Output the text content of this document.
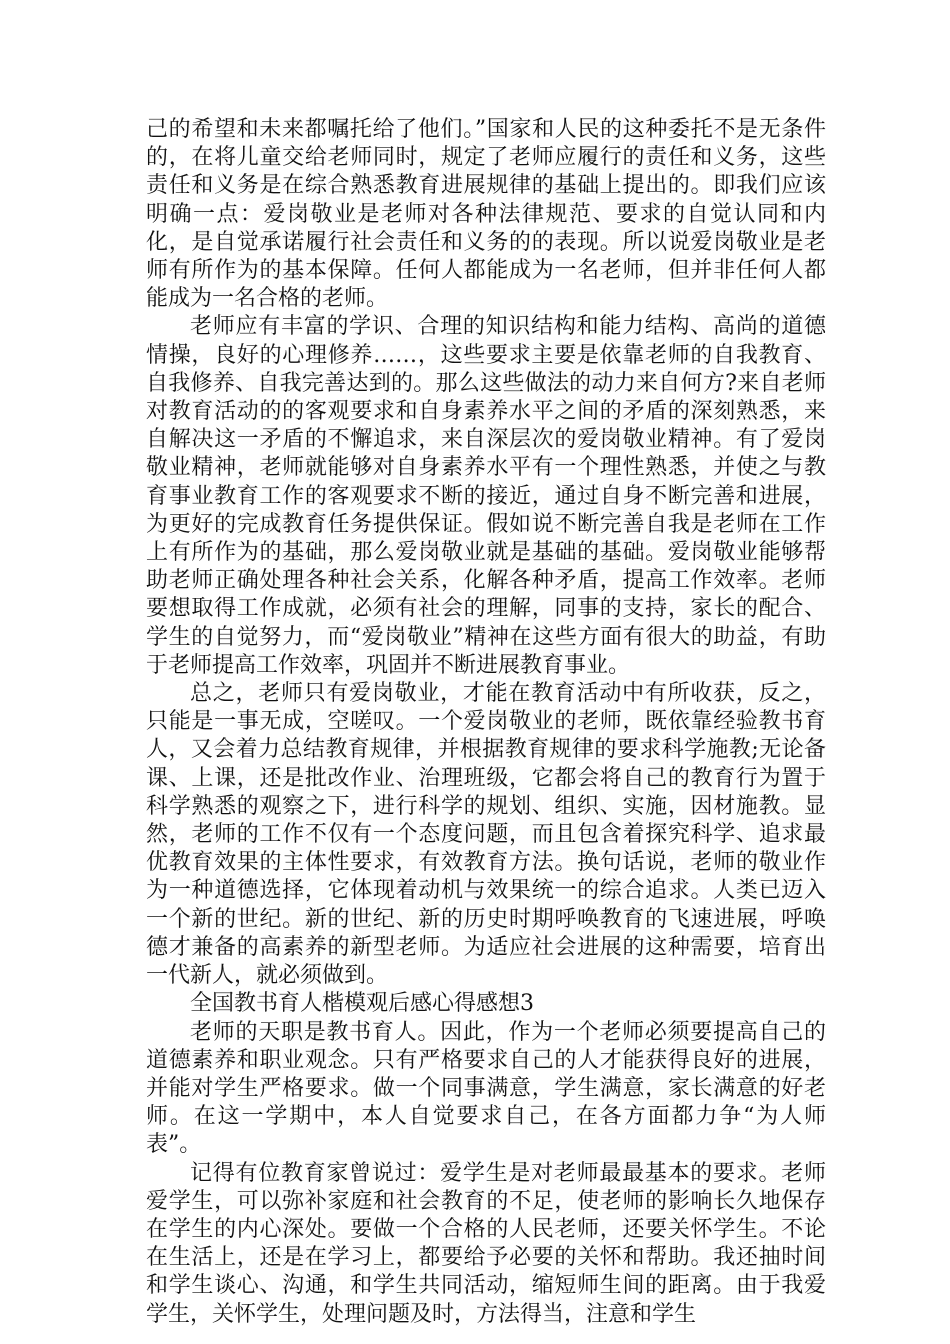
己的希望和未来都嘱托给了他们。”国家和人民的这种委托不是无条件的，在将儿童交给老师同时，规定了老师应履行的责任和义务，这些责任和义务是在综合熟悉教育进展规律的基础上提出的。即我们应该明确一点：爱岗敬业是老师对各种法律规范、要求的自觉认同和内化，是自觉承诺履行社会责任和义务的的表现。所以说爱岗敬业是老师有所作为的基本保障。任何人都能成为一名老师，但并非任何人都能成为一名合格的老师。

老师应有丰富的学识、合理的知识结构和能力结构、高尚的道德情操，良好的心理修养……，这些要求主要是依靠老师的自我教育、自我修养、自我完善达到的。那么这些做法的动力来自何方?来自老师对教育活动的的客观要求和自身素养水平之间的矛盾的深刻熟悉，来自解决这一矛盾的不懈追求，来自深层次的爱岗敬业精神。有了爱岗敬业精神，老师就能够对自身素养水平有一个理性熟悉，并使之与教育事业教育工作的客观要求不断的接近，通过自身不断完善和进展，为更好的完成教育任务提供保证。假如说不断完善自我是老师在工作上有所作为的基础，那么爱岗敬业就是基础的基础。爱岗敬业能够帮助老师正确处理各种社会关系，化解各种矛盾，提高工作效率。老师要想取得工作成就，必须有社会的理解，同事的支持，家长的配合、学生的自觉努力，而“爱岗敬业”精神在这些方面有很大的助益，有助于老师提高工作效率，巩固并不断进展教育事业。

总之，老师只有爱岗敬业，才能在教育活动中有所收获，反之，只能是一事无成，空嗟叹。一个爱岗敬业的老师，既依靠经验教书育人，又会着力总结教育规律，并根据教育规律的要求科学施教;无论备课、上课，还是批改作业、治理班级，它都会将自己的教育行为置于科学熟悉的观察之下，进行科学的规划、组织、实施，因材施教。显然，老师的工作不仅有一个态度问题，而且包含着探究科学、追求最优教育效果的主体性要求，有效教育方法。换句话说，老师的敬业作为一种道德选择，它体现着动机与效果统一的综合追求。人类已迈入一个新的世纪。新的世纪、新的历史时期呼唤教育的飞速进展，呼唤德才兼备的高素养的新型老师。为适应社会进展的这种需要，培育出一代新人，就必须做到。

全国教书育人楷模观后感心得感想3

老师的天职是教书育人。因此，作为一个老师必须要提高自己的道德素养和职业观念。只有严格要求自己的人才能获得良好的进展，并能对学生严格要求。做一个同事满意，学生满意，家长满意的好老师。在这一学期中，本人自觉要求自己，在各方面都力争“为人师表”。

记得有位教育家曾说过：爱学生是对老师最最基本的要求。老师爱学生，可以弥补家庭和社会教育的不足，使老师的影响长久地保存在学生的内心深处。要做一个合格的人民老师，还要关怀学生。不论在生活上，还是在学习上，都要给予必要的关怀和帮助。我还抽时间和学生谈心、沟通，和学生共同活动，缩短师生间的距离。由于我爱学生，关怀学生，处理问题及时，方法得当，注意和学生
